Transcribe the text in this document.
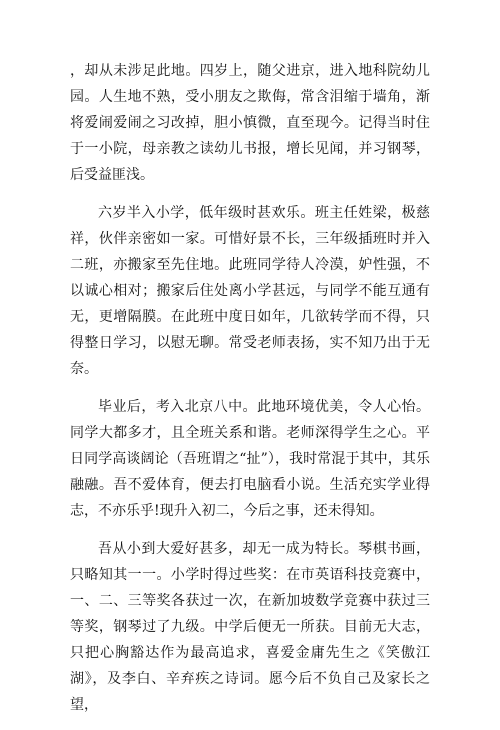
，却从未涉足此地。四岁上，随父进京，进入地科院幼儿园。人生地不熟，受小朋友之欺侮，常含泪缩于墙角，渐将爱闹爱闹之习改掉，胆小慎微，直至现今。记得当时住于一小院，母亲教之读幼儿书报，增长见闻，并习钢琴，后受益匪浅。

六岁半入小学，低年级时甚欢乐。班主任姓梁，极慈祥，伙伴亲密如一家。可惜好景不长，三年级插班时并入二班，亦搬家至先住地。此班同学待人冷漠，妒性强，不以诚心相对；搬家后住处离小学甚远，与同学不能互通有无，更增隔膜。在此班中度日如年，几欲转学而不得，只得整日学习，以慰无聊。常受老师表扬，实不知乃出于无奈。

毕业后，考入北京八中。此地环境优美，令人心怡。同学大都多才，且全班关系和谐。老师深得学生之心。平日同学高谈阔论（吾班谓之“扯”），我时常混于其中，其乐融融。吾不爱体育，便去打电脑看小说。生活充实学业得志，不亦乐乎!现升入初二，今后之事，还未得知。

吾从小到大爱好甚多，却无一成为特长。琴棋书画，只略知其一一。小学时得过些奖：在市英语科技竞赛中，一、二、三等奖各获过一次，在新加坡数学竞赛中获过三等奖，钢琴过了九级。中学后便无一所获。目前无大志，只把心胸豁达作为最高追求，喜爱金庸先生之《笑傲江湖》，及李白、辛弃疾之诗词。愿今后不负自己及家长之望，
